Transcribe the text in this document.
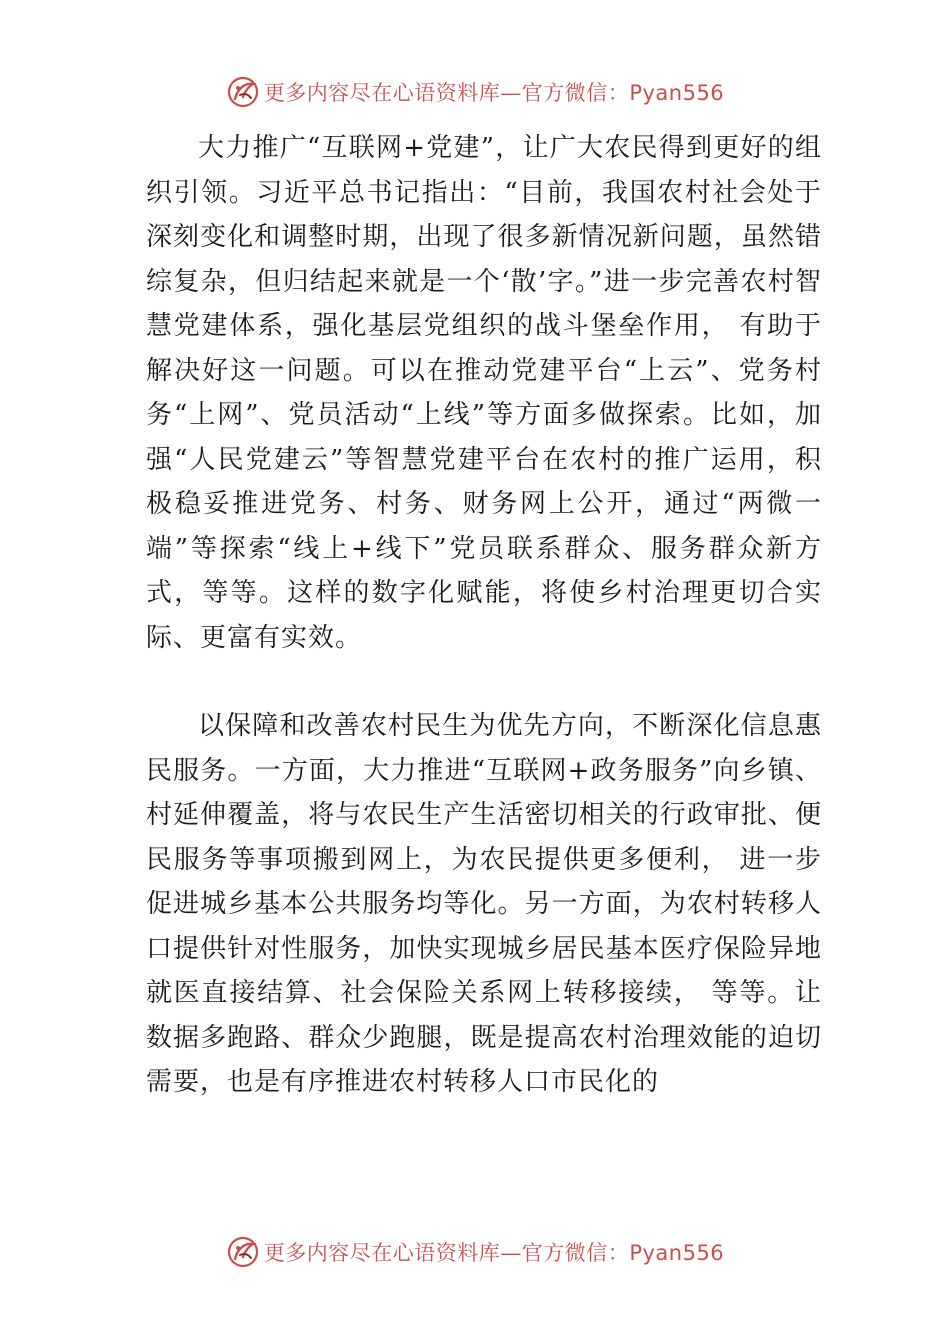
更多内容尽在心语资料库—官方微信：Pyan556

大力推广“互联网+党建”，让广大农民得到更好的组织引领。习近平总书记指出：“目前，我国农村社会处于深刻变化和调整时期，出现了很多新情况新问题，虽然错综复杂，但归结起来就是一个‘散’字。”进一步完善农村智慧党建体系，强化基层党组织的战斗堡垒作用， 有助于解决好这一问题。可以在推动党建平台“上云”、党务村务“上网”、党员活动“上线”等方面多做探索。比如，加强“人民党建云”等智慧党建平台在农村的推广运用，积极稳妥推进党务、村务、财务网上公开，通过“两微一端”等探索“线上+线下”党员联系群众、服务群众新方式，等等。这样的数字化赋能，将使乡村治理更切合实际、更富有实效。

以保障和改善农村民生为优先方向，不断深化信息惠民服务。一方面，大力推进“互联网+政务服务”向乡镇、村延伸覆盖，将与农民生产生活密切相关的行政审批、便民服务等事项搬到网上，为农民提供更多便利， 进一步促进城乡基本公共服务均等化。另一方面，为农村转移人口提供针对性服务，加快实现城乡居民基本医疗保险异地就医直接结算、社会保险关系网上转移接续， 等等。让数据多跑路、群众少跑腿，既是提高农村治理效能的迫切需要，也是有序推进农村转移人口市民化的

更多内容尽在心语资料库—官方微信：Pyan556
